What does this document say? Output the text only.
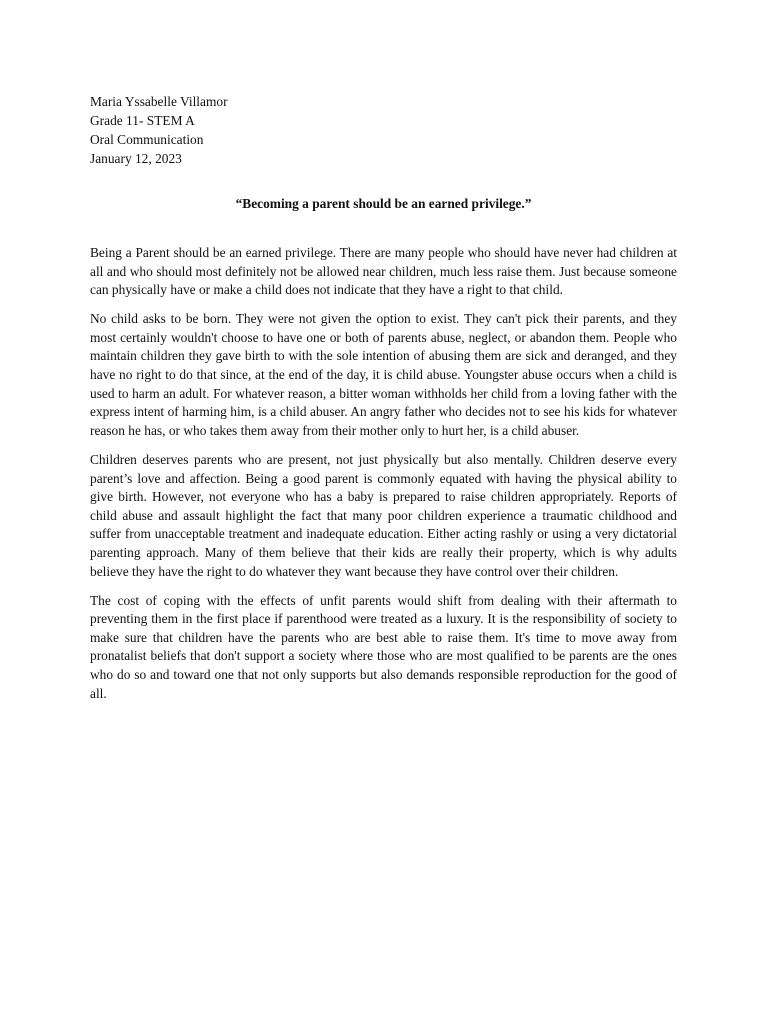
Maria Yssabelle Villamor

Grade 11- STEM A

Oral Communication

January 12, 2023

“Becoming a parent should be an earned privilege.”

Being a Parent should be an earned privilege. There are many people who should have never had children at all and who should most definitely not be allowed near children, much less raise them. Just because someone can physically have or make a child does not indicate that they have a right to that child.

No child asks to be born. They were not given the option to exist. They can't pick their parents, and they most certainly wouldn't choose to have one or both of parents abuse, neglect, or abandon them. People who maintain children they gave birth to with the sole intention of abusing them are sick and deranged, and they have no right to do that since, at the end of the day, it is child abuse. Youngster abuse occurs when a child is used to harm an adult. For whatever reason, a bitter woman withholds her child from a loving father with the express intent of harming him, is a child abuser. An angry father who decides not to see his kids for whatever reason he has, or who takes them away from their mother only to hurt her, is a child abuser.

Children deserves parents who are present, not just physically but also mentally. Children deserve every parent’s love and affection. Being a good parent is commonly equated with having the physical ability to give birth. However, not everyone who has a baby is prepared to raise children appropriately. Reports of child abuse and assault highlight the fact that many poor children experience a traumatic childhood and suffer from unacceptable treatment and inadequate education. Either acting rashly or using a very dictatorial parenting approach. Many of them believe that their kids are really their property, which is why adults believe they have the right to do whatever they want because they have control over their children.

The cost of coping with the effects of unfit parents would shift from dealing with their aftermath to preventing them in the first place if parenthood were treated as a luxury. It is the responsibility of society to make sure that children have the parents who are best able to raise them. It's time to move away from pronatalist beliefs that don't support a society where those who are most qualified to be parents are the ones who do so and toward one that not only supports but also demands responsible reproduction for the good of all.
